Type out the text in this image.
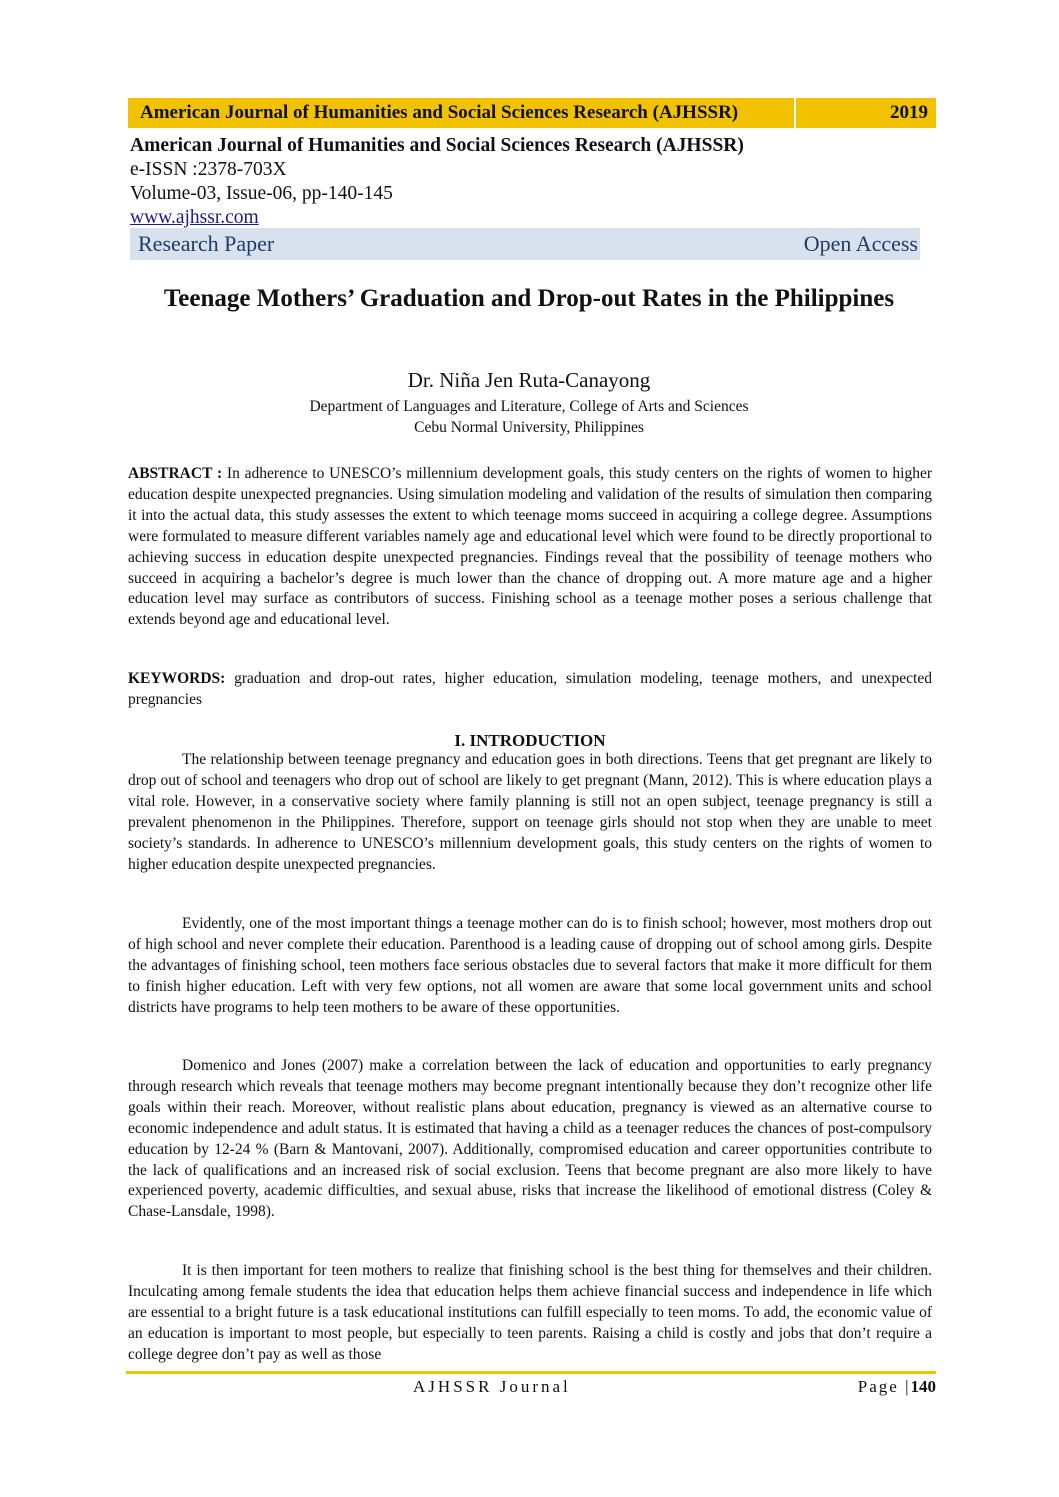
American Journal of Humanities and Social Sciences Research (AJHSSR)	2019
American Journal of Humanities and Social Sciences Research (AJHSSR)
e-ISSN :2378-703X
Volume-03, Issue-06, pp-140-145
www.ajhssr.com
Research Paper	Open Access
Teenage Mothers’ Graduation and Drop-out Rates in the Philippines
Dr. Niña Jen Ruta-Canayong
Department of Languages and Literature, College of Arts and Sciences
Cebu Normal University, Philippines
ABSTRACT : In adherence to UNESCO’s millennium development goals, this study centers on the rights of women to higher education despite unexpected pregnancies. Using simulation modeling and validation of the results of simulation then comparing it into the actual data, this study assesses the extent to which teenage moms succeed in acquiring a college degree. Assumptions were formulated to measure different variables namely age and educational level which were found to be directly proportional to achieving success in education despite unexpected pregnancies. Findings reveal that the possibility of teenage mothers who succeed in acquiring a bachelor’s degree is much lower than the chance of dropping out. A more mature age and a higher education level may surface as contributors of success. Finishing school as a teenage mother poses a serious challenge that extends beyond age and educational level.
KEYWORDS: graduation and drop-out rates, higher education, simulation modeling, teenage mothers, and unexpected pregnancies
I. INTRODUCTION
The relationship between teenage pregnancy and education goes in both directions. Teens that get pregnant are likely to drop out of school and teenagers who drop out of school are likely to get pregnant (Mann, 2012). This is where education plays a vital role. However, in a conservative society where family planning is still not an open subject, teenage pregnancy is still a prevalent phenomenon in the Philippines. Therefore, support on teenage girls should not stop when they are unable to meet society’s standards. In adherence to UNESCO’s millennium development goals, this study centers on the rights of women to higher education despite unexpected pregnancies.
Evidently, one of the most important things a teenage mother can do is to finish school; however, most mothers drop out of high school and never complete their education. Parenthood is a leading cause of dropping out of school among girls. Despite the advantages of finishing school, teen mothers face serious obstacles due to several factors that make it more difficult for them to finish higher education. Left with very few options, not all women are aware that some local government units and school districts have programs to help teen mothers to be aware of these opportunities.
Domenico and Jones (2007) make a correlation between the lack of education and opportunities to early pregnancy through research which reveals that teenage mothers may become pregnant intentionally because they don’t recognize other life goals within their reach. Moreover, without realistic plans about education, pregnancy is viewed as an alternative course to economic independence and adult status. It is estimated that having a child as a teenager reduces the chances of post-compulsory education by 12-24 % (Barn & Mantovani, 2007). Additionally, compromised education and career opportunities contribute to the lack of qualifications and an increased risk of social exclusion. Teens that become pregnant are also more likely to have experienced poverty, academic difficulties, and sexual abuse, risks that increase the likelihood of emotional distress (Coley & Chase-Lansdale, 1998).
It is then important for teen mothers to realize that finishing school is the best thing for themselves and their children. Inculcating among female students the idea that education helps them achieve financial success and independence in life which are essential to a bright future is a task educational institutions can fulfill especially to teen moms. To add, the economic value of an education is important to most people, but especially to teen parents. Raising a child is costly and jobs that don’t require a college degree don’t pay as well as those
AJHSSR Journal	Page |140
